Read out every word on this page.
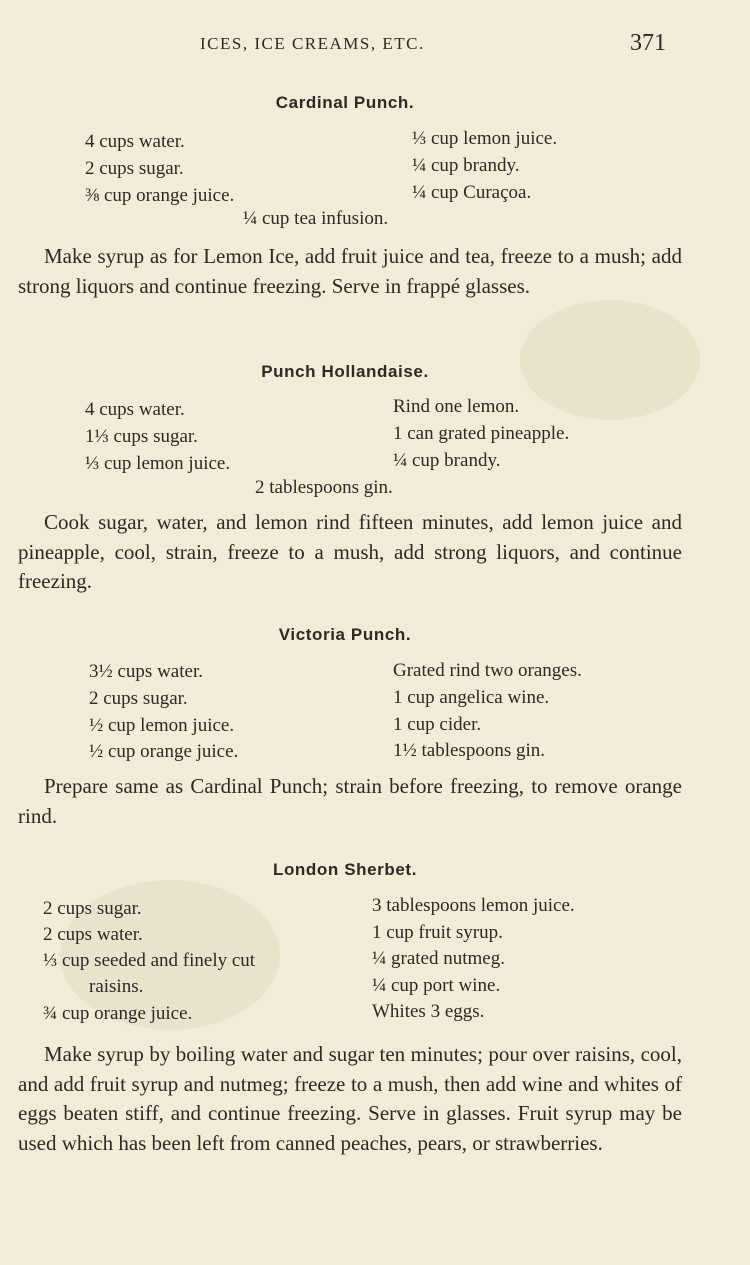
ICES, ICE CREAMS, ETC.	371
Cardinal Punch.
4 cups water.
2 cups sugar.
⅜ cup orange juice.
⅓ cup lemon juice.
¼ cup brandy.
¼ cup Curaçoa.
¼ cup tea infusion.

Make syrup as for Lemon Ice, add fruit juice and tea, freeze to a mush; add strong liquors and continue freezing. Serve in frappé glasses.

Punch Hollandaise.
4 cups water.
1⅓ cups sugar.
⅓ cup lemon juice.
Rind one lemon.
1 can grated pineapple.
¼ cup brandy.
2 tablespoons gin.

Cook sugar, water, and lemon rind fifteen minutes, add lemon juice and pineapple, cool, strain, freeze to a mush, add strong liquors, and continue freezing.

Victoria Punch.
3½ cups water.
2 cups sugar.
½ cup lemon juice.
½ cup orange juice.
Grated rind two oranges.
1 cup angelica wine.
1 cup cider.
1½ tablespoons gin.

Prepare same as Cardinal Punch; strain before freezing, to remove orange rind.

London Sherbet.
2 cups sugar.
2 cups water.
⅓ cup seeded and finely cut
raisins.
¾ cup orange juice.
3 tablespoons lemon juice.
1 cup fruit syrup.
¼ grated nutmeg.
¼ cup port wine.
Whites 3 eggs.

Make syrup by boiling water and sugar ten minutes; pour over raisins, cool, and add fruit syrup and nutmeg; freeze to a mush, then add wine and whites of eggs beaten stiff, and continue freezing. Serve in glasses. Fruit syrup may be used which has been left from canned peaches, pears, or strawberries.
